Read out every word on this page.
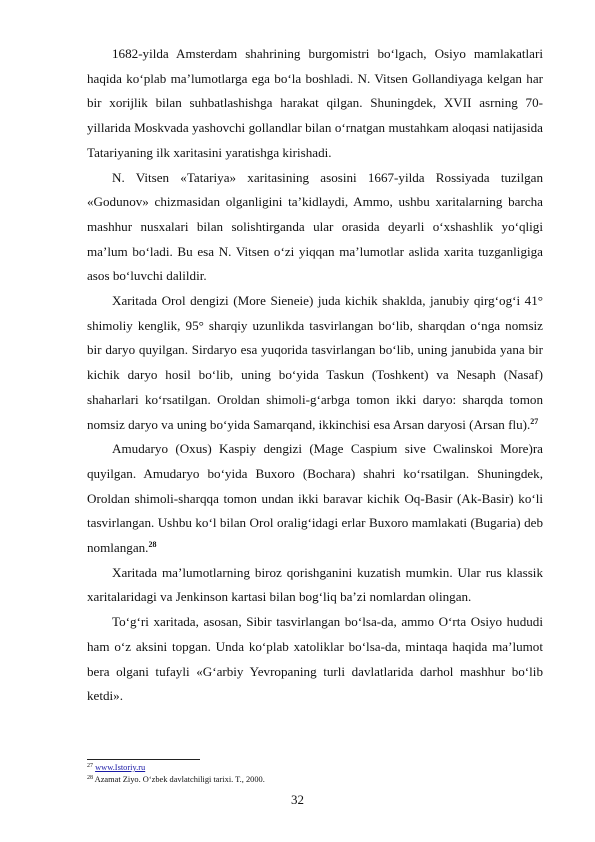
1682-yilda Amsterdam shahrining burgomistri bo‘lgach, Osiyo mamlakatlari haqida ko‘plab ma’lumotlarga ega bo‘la boshladi. N. Vitsen Gollandiyaga kelgan har bir xorijlik bilan suhbatlashishga harakat qilgan. Shuningdek, XVII asrning 70-yillarida Moskvada yashovchi gollandlar bilan o‘rnatgan mustahkam aloqasi natijasida Tatariyaning ilk xaritasini yaratishga kirishadi.

N. Vitsen «Tatariya» xaritasining asosini 1667-yilda Rossiyada tuzilgan «Godunov» chizmasidan olganligini ta’kidlaydi, Ammo, ushbu xaritalarning barcha mashhur nusxalari bilan solishtirganda ular orasida deyarli o‘xshashlik yo‘qligi ma’lum bo‘ladi. Bu esa N. Vitsen o‘zi yiqqan ma’lumotlar aslida xarita tuzganligiga asos bo‘luvchi dalildir.

Xaritada Orol dengizi (More Sieneie) juda kichik shaklda, janubiy qirg‘og‘i 41° shimoliy kenglik, 95° sharqiy uzunlikda tasvirlangan bo‘lib, sharqdan o‘nga nomsiz bir daryo quyilgan. Sirdaryo esa yuqorida tasvirlangan bo‘lib, uning janubida yana bir kichik daryo hosil bo‘lib, uning bo‘yida Taskun (Toshkent) va Nesaph (Nasaf) shaharlari ko‘rsatilgan. Oroldan shimoli-g‘arbga tomon ikki daryo: sharqda tomon nomsiz daryo va uning bo‘yida Samarqand, ikkinchisi esa Arsan daryosi (Arsan flu).$^{27}$

Amudaryo (Oxus) Kaspiy dengizi (Mage Caspium sive Cwalinskoi More)ra quyilgan. Amudaryo bo‘yida Buxoro (Bochara) shahri ko‘rsatilgan. Shuningdek, Oroldan shimoli-sharqqa tomon undan ikki baravar kichik Oq-Basir (Ak-Basir) ko‘li tasvirlangan. Ushbu ko‘l bilan Orol oralig‘idagi erlar Buxoro mamlakati (Bugaria) deb nomlangan.$^{28}$

Xaritada ma’lumotlarning biroz qorishganini kuzatish mumkin. Ular rus klassik xaritalaridagi va Jenkinson kartasi bilan bog‘liq ba’zi nomlardan olingan.

To‘g‘ri xaritada, asosan, Sibir tasvirlangan bo‘lsa-da, ammo O‘rta Osiyo hududi ham o‘z aksini topgan. Unda ko‘plab xatoliklar bo‘lsa-da, mintaqa haqida ma’lumot bera olgani tufayli «G‘arbiy Yevropaning turli davlatlarida darhol mashhur bo‘lib ketdi».

$^{27}$ www.Istoriy.ru

$^{28}$ Azamat Ziyo. O‘zbek davlatchiligi tarixi. T., 2000.

32
